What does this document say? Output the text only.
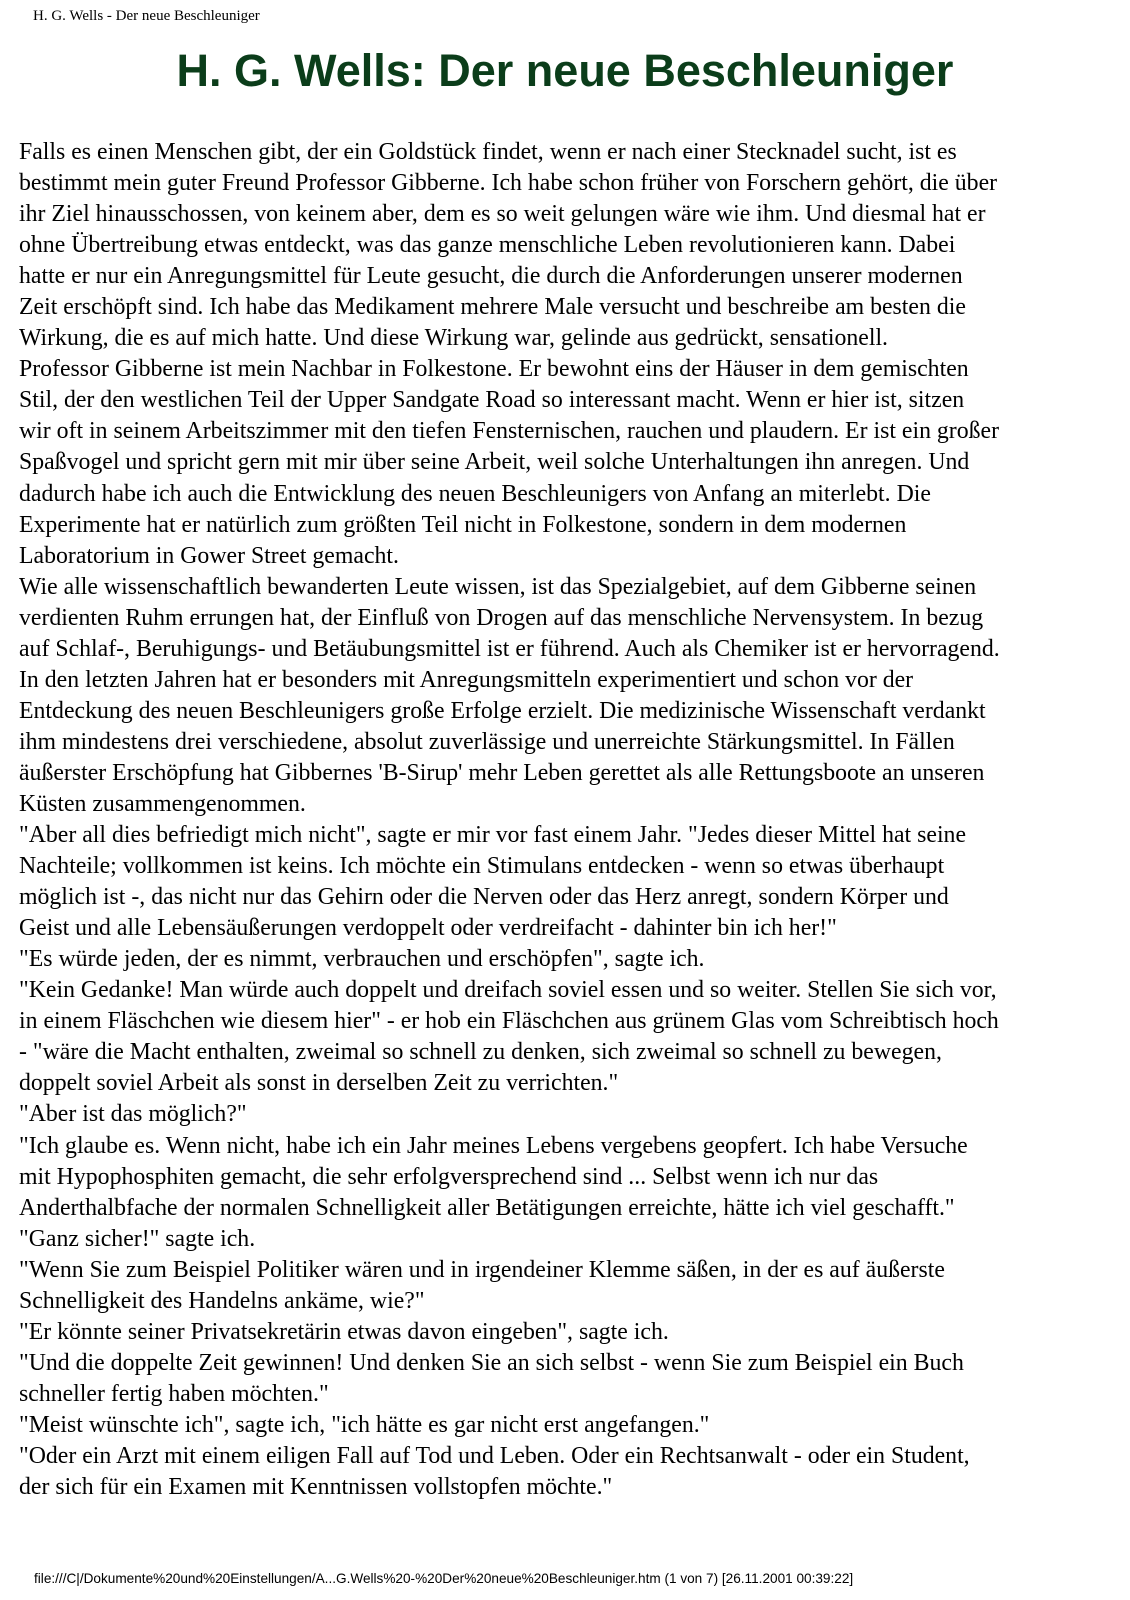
H. G. Wells - Der neue Beschleuniger
H. G. Wells: Der neue Beschleuniger
Falls es einen Menschen gibt, der ein Goldstück findet, wenn er nach einer Stecknadel sucht, ist es
bestimmt mein guter Freund Professor Gibberne. Ich habe schon früher von Forschern gehört, die über
ihr Ziel hinausschossen, von keinem aber, dem es so weit gelungen wäre wie ihm. Und diesmal hat er
ohne Übertreibung etwas entdeckt, was das ganze menschliche Leben revolutionieren kann. Dabei
hatte er nur ein Anregungsmittel für Leute gesucht, die durch die Anforderungen unserer modernen
Zeit erschöpft sind. Ich habe das Medikament mehrere Male versucht und beschreibe am besten die
Wirkung, die es auf mich hatte. Und diese Wirkung war, gelinde aus gedrückt, sensationell.
Professor Gibberne ist mein Nachbar in Folkestone. Er bewohnt eins der Häuser in dem gemischten
Stil, der den westlichen Teil der Upper Sandgate Road so interessant macht. Wenn er hier ist, sitzen
wir oft in seinem Arbeitszimmer mit den tiefen Fensternischen, rauchen und plaudern. Er ist ein großer
Spaßvogel und spricht gern mit mir über seine Arbeit, weil solche Unterhaltungen ihn anregen. Und
dadurch habe ich auch die Entwicklung des neuen Beschleunigers von Anfang an miterlebt. Die
Experimente hat er natürlich zum größten Teil nicht in Folkestone, sondern in dem modernen
Laboratorium in Gower Street gemacht.
Wie alle wissenschaftlich bewanderten Leute wissen, ist das Spezialgebiet, auf dem Gibberne seinen
verdienten Ruhm errungen hat, der Einfluß von Drogen auf das menschliche Nervensystem. In bezug
auf Schlaf-, Beruhigungs- und Betäubungsmittel ist er führend. Auch als Chemiker ist er hervorragend.
In den letzten Jahren hat er besonders mit Anregungsmitteln experimentiert und schon vor der
Entdeckung des neuen Beschleunigers große Erfolge erzielt. Die medizinische Wissenschaft verdankt
ihm mindestens drei verschiedene, absolut zuverlässige und unerreichte Stärkungsmittel. In Fällen
äußerster Erschöpfung hat Gibbernes 'B-Sirup' mehr Leben gerettet als alle Rettungsboote an unseren
Küsten zusammengenommen.
"Aber all dies befriedigt mich nicht", sagte er mir vor fast einem Jahr. "Jedes dieser Mittel hat seine
Nachteile; vollkommen ist keins. Ich möchte ein Stimulans entdecken - wenn so etwas überhaupt
möglich ist -, das nicht nur das Gehirn oder die Nerven oder das Herz anregt, sondern Körper und
Geist und alle Lebensäußerungen verdoppelt oder verdreifacht - dahinter bin ich her!"
"Es würde jeden, der es nimmt, verbrauchen und erschöpfen", sagte ich.
"Kein Gedanke! Man würde auch doppelt und dreifach soviel essen und so weiter. Stellen Sie sich vor,
in einem Fläschchen wie diesem hier" - er hob ein Fläschchen aus grünem Glas vom Schreibtisch hoch
- "wäre die Macht enthalten, zweimal so schnell zu denken, sich zweimal so schnell zu bewegen,
doppelt soviel Arbeit als sonst in derselben Zeit zu verrichten."
"Aber ist das möglich?"
"Ich glaube es. Wenn nicht, habe ich ein Jahr meines Lebens vergebens geopfert. Ich habe Versuche
mit Hypophosphiten gemacht, die sehr erfolgversprechend sind ... Selbst wenn ich nur das
Anderthalbfache der normalen Schnelligkeit aller Betätigungen erreichte, hätte ich viel geschafft."
"Ganz sicher!" sagte ich.
"Wenn Sie zum Beispiel Politiker wären und in irgendeiner Klemme säßen, in der es auf äußerste
Schnelligkeit des Handelns ankäme, wie?"
"Er könnte seiner Privatsekretärin etwas davon eingeben", sagte ich.
"Und die doppelte Zeit gewinnen! Und denken Sie an sich selbst - wenn Sie zum Beispiel ein Buch
schneller fertig haben möchten."
"Meist wünschte ich", sagte ich, "ich hätte es gar nicht erst angefangen."
"Oder ein Arzt mit einem eiligen Fall auf Tod und Leben. Oder ein Rechtsanwalt - oder ein Student,
der sich für ein Examen mit Kenntnissen vollstopfen möchte."
file:///C|/Dokumente%20und%20Einstellungen/A...G.Wells%20-%20Der%20neue%20Beschleuniger.htm (1 von 7) [26.11.2001 00:39:22]
